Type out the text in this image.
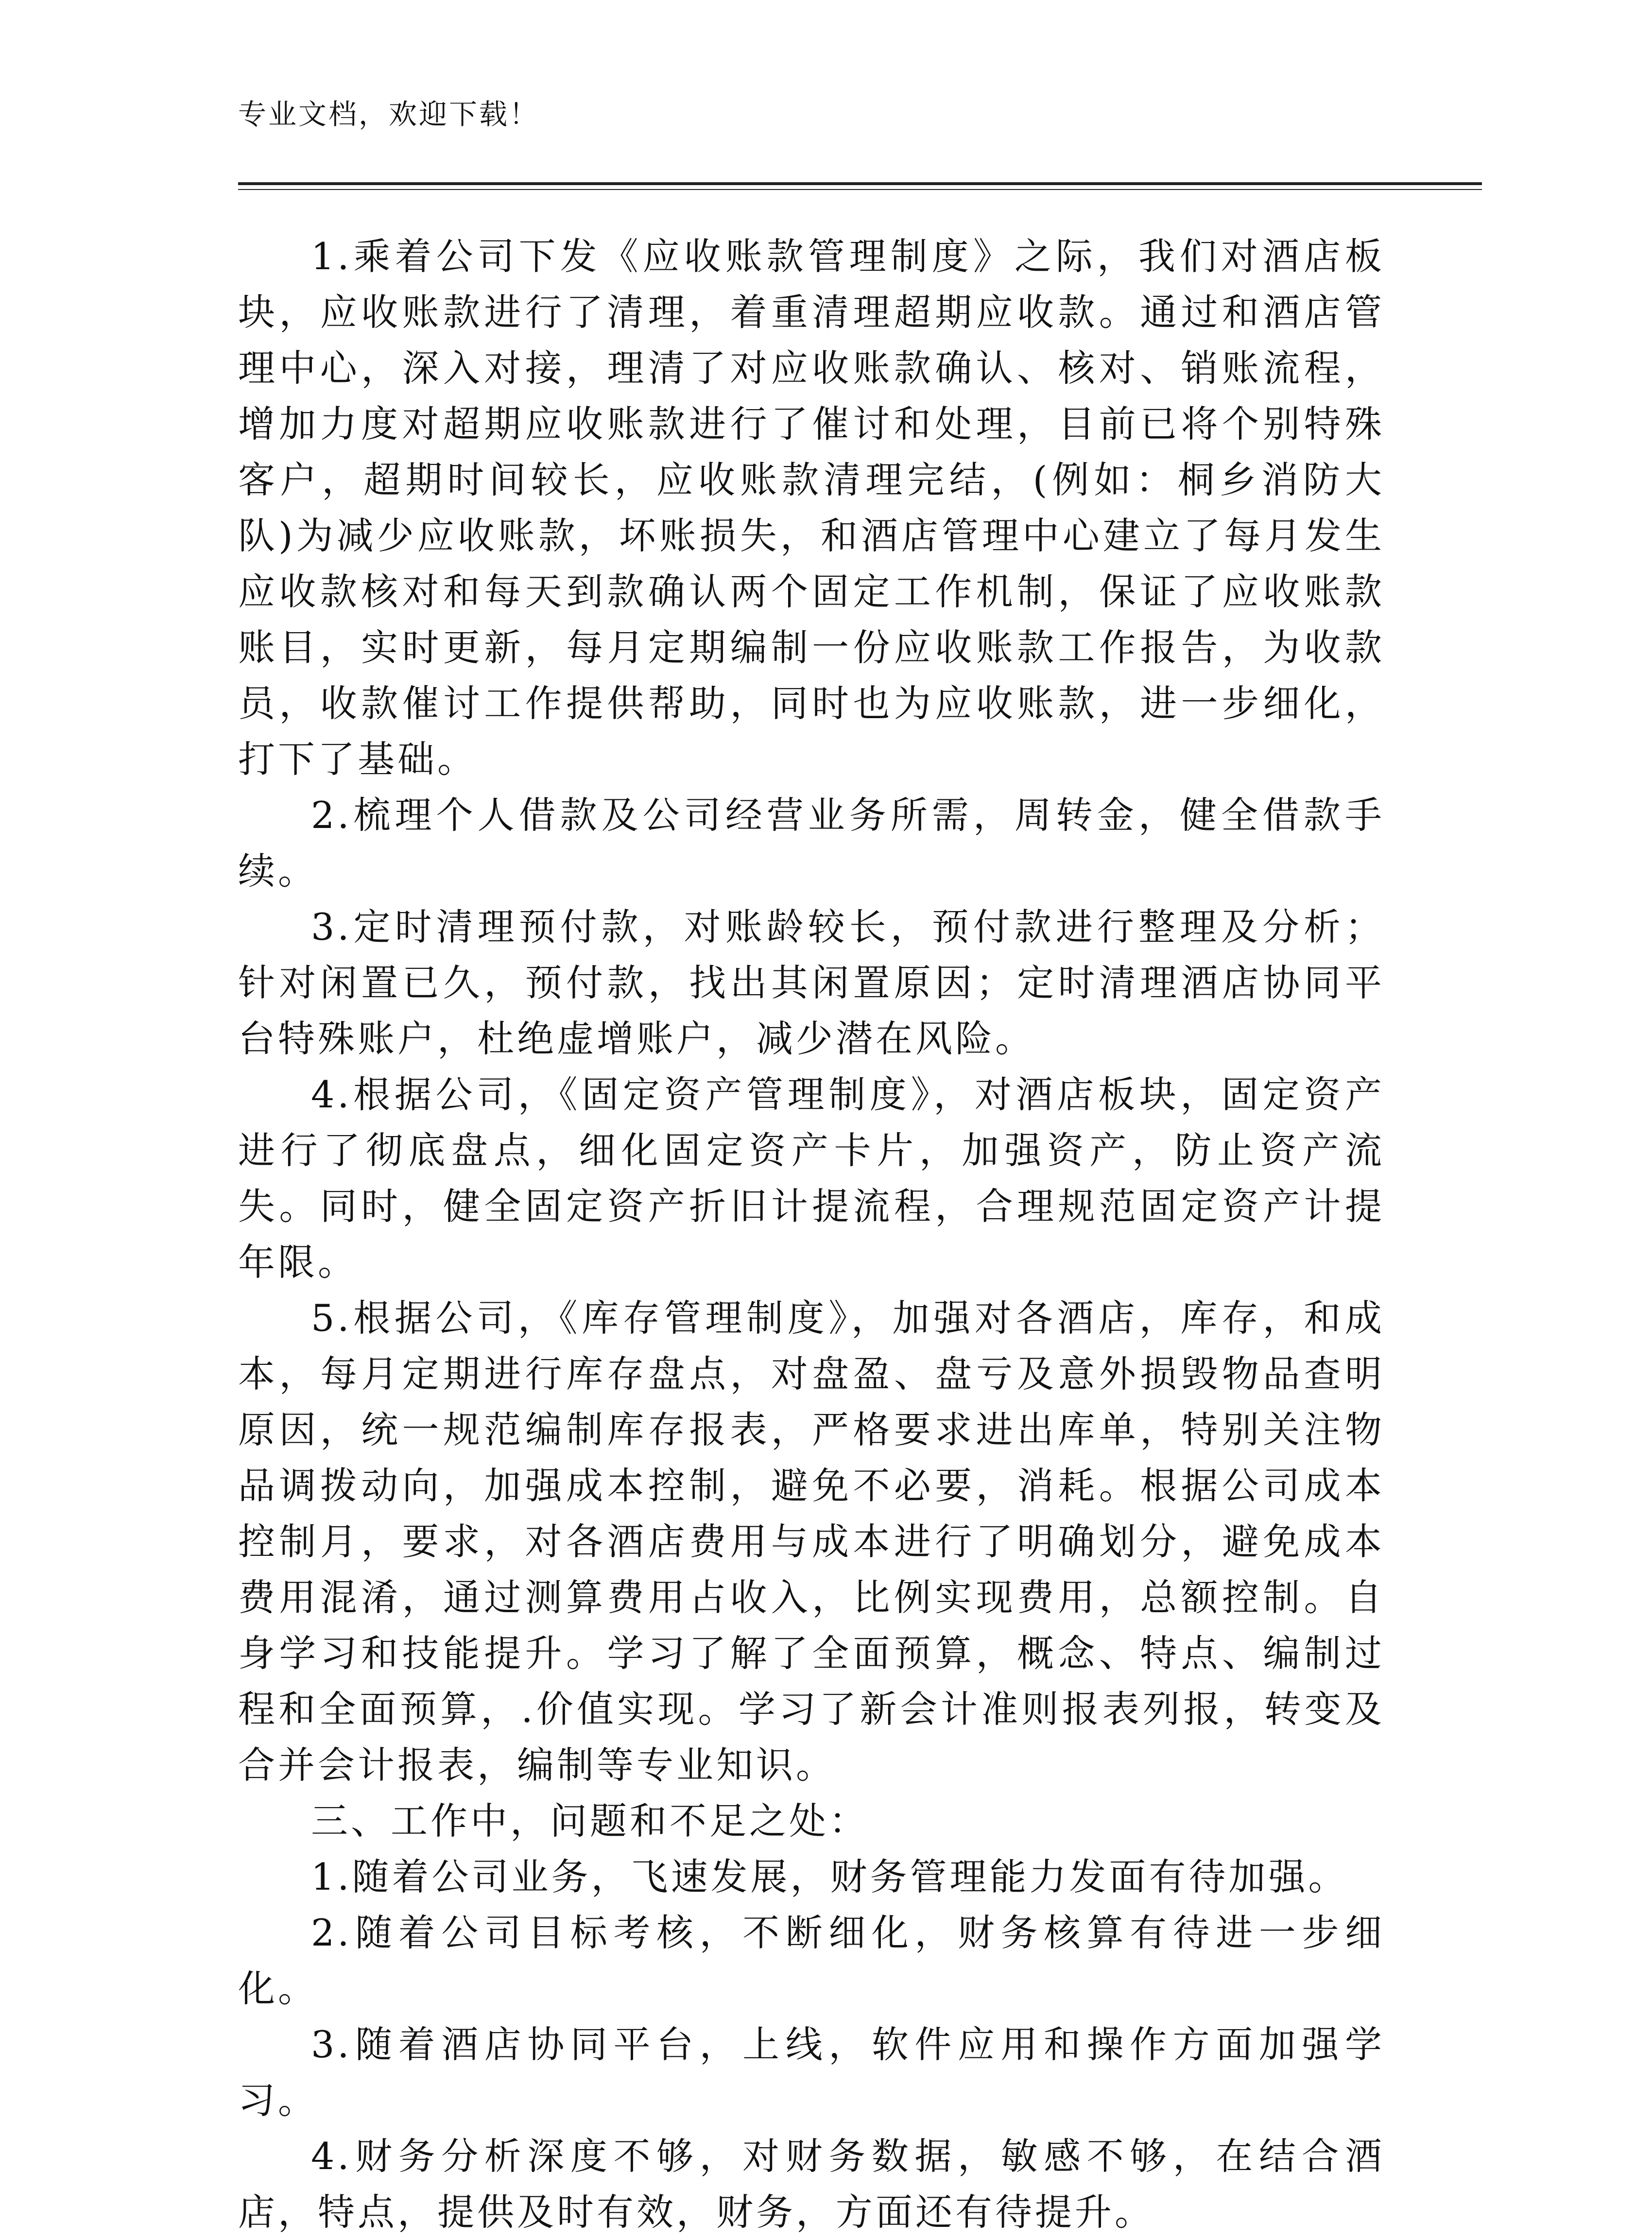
专业文档，欢迎下载！

1.乘着公司下发《应收账款管理制度》之际，我们对酒店板块，应收账款进行了清理，着重清理超期应收款。通过和酒店管理中心，深入对接，理清了对应收账款确认、核对、销账流程，增加力度对超期应收账款进行了催讨和处理，目前已将个别特殊客户，超期时间较长，应收账款清理完结，(例如：桐乡消防大队)为减少应收账款，坏账损失，和酒店管理中心建立了每月发生应收款核对和每天到款确认两个固定工作机制，保证了应收账款账目，实时更新，每月定期编制一份应收账款工作报告，为收款员，收款催讨工作提供帮助，同时也为应收账款，进一步细化，打下了基础。

2.梳理个人借款及公司经营业务所需，周转金，健全借款手续。

3.定时清理预付款，对账龄较长，预付款进行整理及分析；针对闲置已久，预付款，找出其闲置原因；定时清理酒店协同平台特殊账户，杜绝虚增账户，减少潜在风险。

4.根据公司，《固定资产管理制度》，对酒店板块，固定资产进行了彻底盘点，细化固定资产卡片，加强资产，防止资产流失。同时，健全固定资产折旧计提流程，合理规范固定资产计提年限。

5.根据公司，《库存管理制度》，加强对各酒店，库存，和成本，每月定期进行库存盘点，对盘盈、盘亏及意外损毁物品查明原因，统一规范编制库存报表，严格要求进出库单，特别关注物品调拨动向，加强成本控制，避免不必要，消耗。根据公司成本控制月，要求，对各酒店费用与成本进行了明确划分，避免成本费用混淆，通过测算费用占收入，比例实现费用，总额控制。自身学习和技能提升。学习了解了全面预算，概念、特点、编制过程和全面预算，.价值实现。学习了新会计准则报表列报，转变及合并会计报表，编制等专业知识。

三、工作中，问题和不足之处：

1.随着公司业务，飞速发展，财务管理能力发面有待加强。

2.随着公司目标考核，不断细化，财务核算有待进一步细化。

3.随着酒店协同平台，上线，软件应用和操作方面加强学习。

4.财务分析深度不够，对财务数据，敏感不够，在结合酒店，特点，提供及时有效，财务，方面还有待提升。
